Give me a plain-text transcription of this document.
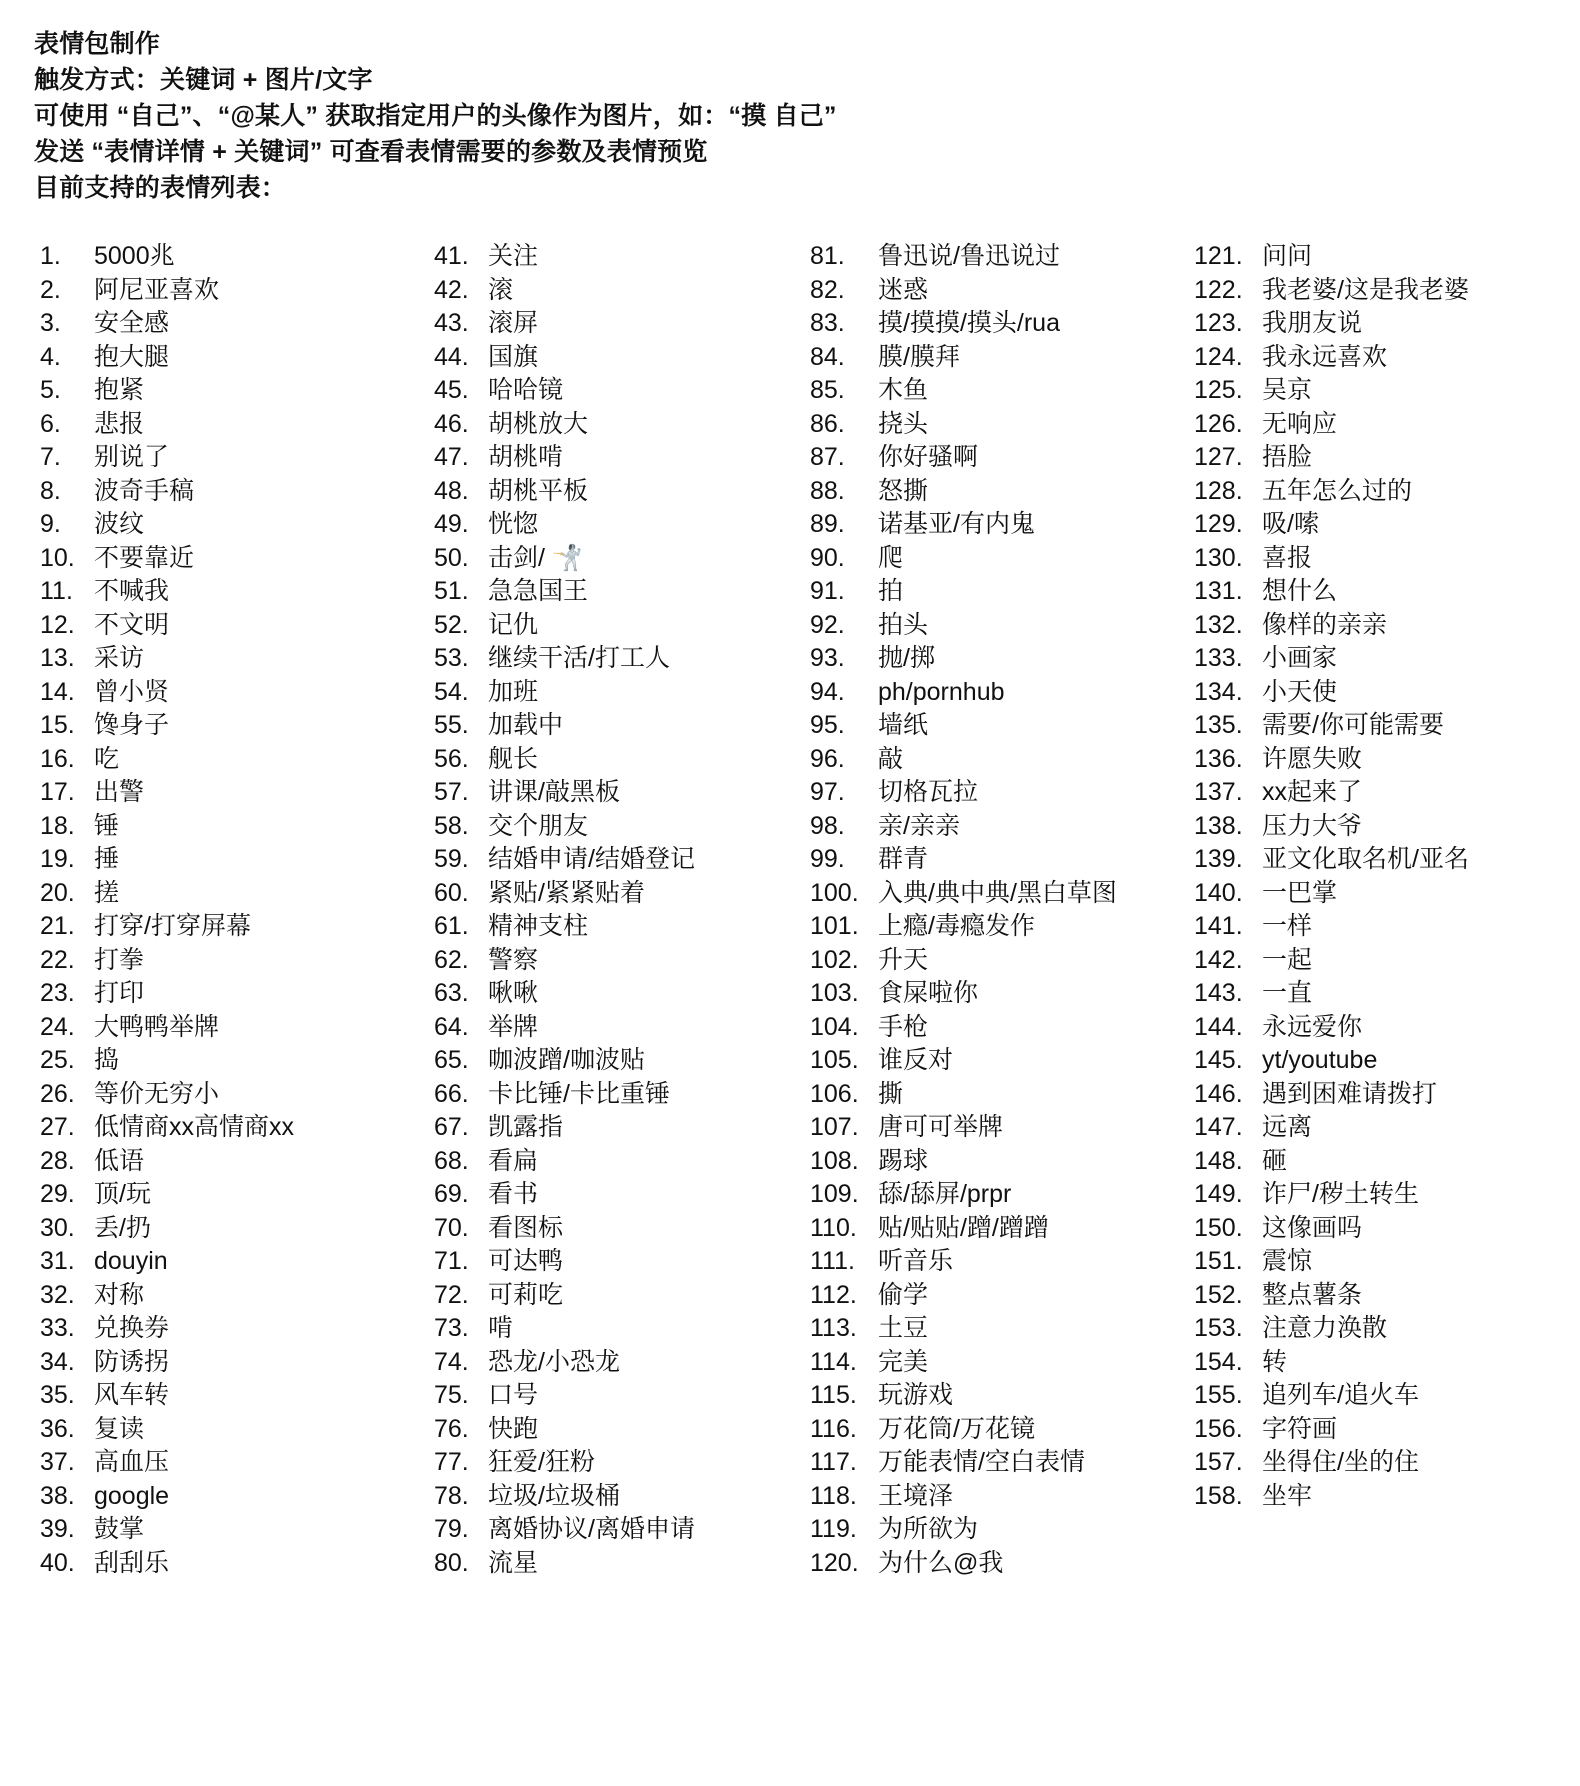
表情包制作
触发方式：关键词 + 图片/文字
可使用 “自己”、“@某人” 获取指定用户的头像作为图片，如：“摸 自己”
发送 “表情详情 + 关键词” 可查看表情需要的参数及表情预览
目前支持的表情列表：
1.	5000兆
2.	阿尼亚喜欢
3.	安全感
4.	抱大腿
5.	抱紧
6.	悲报
7.	别说了
8.	波奇手稿
9.	波纹
10. 不要靠近
11. 不喊我
12. 不文明
13. 采访
14. 曾小贤
15. 馋身子
16. 吃
17. 出警
18. 锤
19. 捶
20. 搓
21. 打穿/打穿屏幕
22. 打拳
23. 打印
24. 大鸭鸭举牌
25. 捣
26. 等价无穷小
27. 低情商xx高情商xx
28. 低语
29. 顶/玩
30. 丢/扔
31. douyin
32. 对称
33. 兑换券
34. 防诱拐
35. 风车转
36. 复读
37. 高血压
38. google
39. 鼓掌
40. 刮刮乐
41. 关注
42. 滚
43. 滚屏
44. 国旗
45. 哈哈镜
46. 胡桃放大
47. 胡桃啃
48. 胡桃平板
49. 恍惚
50. 击剑/ 🤺
51. 急急国王
52. 记仇
53. 继续干活/打工人
54. 加班
55. 加载中
56. 舰长
57. 讲课/敲黑板
58. 交个朋友
59. 结婚申请/结婚登记
60. 紧贴/紧紧贴着
61. 精神支柱
62. 警察
63. 啾啾
64. 举牌
65. 咖波蹭/咖波贴
66. 卡比锤/卡比重锤
67. 凯露指
68. 看扁
69. 看书
70. 看图标
71. 可达鸭
72. 可莉吃
73. 啃
74. 恐龙/小恐龙
75. 口号
76. 快跑
77. 狂爱/狂粉
78. 垃圾/垃圾桶
79. 离婚协议/离婚申请
80. 流星
81.	鲁迅说/鲁迅说过
82.	迷惑
83.	摸/摸摸/摸头/rua
84.	膜/膜拜
85.	木鱼
86.	挠头
87.	你好骚啊
88.	怒撕
89.	诺基亚/有内鬼
90.	爬
91.	拍
92.	拍头
93.	抛/掷
94.	ph/pornhub
95.	墙纸
96.	敲
97.	切格瓦拉
98.	亲/亲亲
99.	群青
100. 入典/典中典/黑白草图
101. 上瘾/毒瘾发作
102. 升天
103. 食屎啦你
104. 手枪
105. 谁反对
106. 撕
107. 唐可可举牌
108. 踢球
109. 舔/舔屏/prpr
110. 贴/贴贴/蹭/蹭蹭
111. 听音乐
112. 偷学
113. 土豆
114. 完美
115. 玩游戏
116. 万花筒/万花镜
117. 万能表情/空白表情
118. 王境泽
119. 为所欲为
120. 为什么@我
121. 问问
122. 我老婆/这是我老婆
123. 我朋友说
124. 我永远喜欢
125. 吴京
126. 无响应
127. 捂脸
128. 五年怎么过的
129. 吸/嗦
130. 喜报
131. 想什么
132. 像样的亲亲
133. 小画家
134. 小天使
135. 需要/你可能需要
136. 许愿失败
137. xx起来了
138. 压力大爷
139. 亚文化取名机/亚名
140. 一巴掌
141. 一样
142. 一起
143. 一直
144. 永远爱你
145. yt/youtube
146. 遇到困难请拨打
147. 远离
148. 砸
149. 诈尸/秽土转生
150. 这像画吗
151. 震惊
152. 整点薯条
153. 注意力涣散
154. 转
155. 追列车/追火车
156. 字符画
157. 坐得住/坐的住
158. 坐牢
